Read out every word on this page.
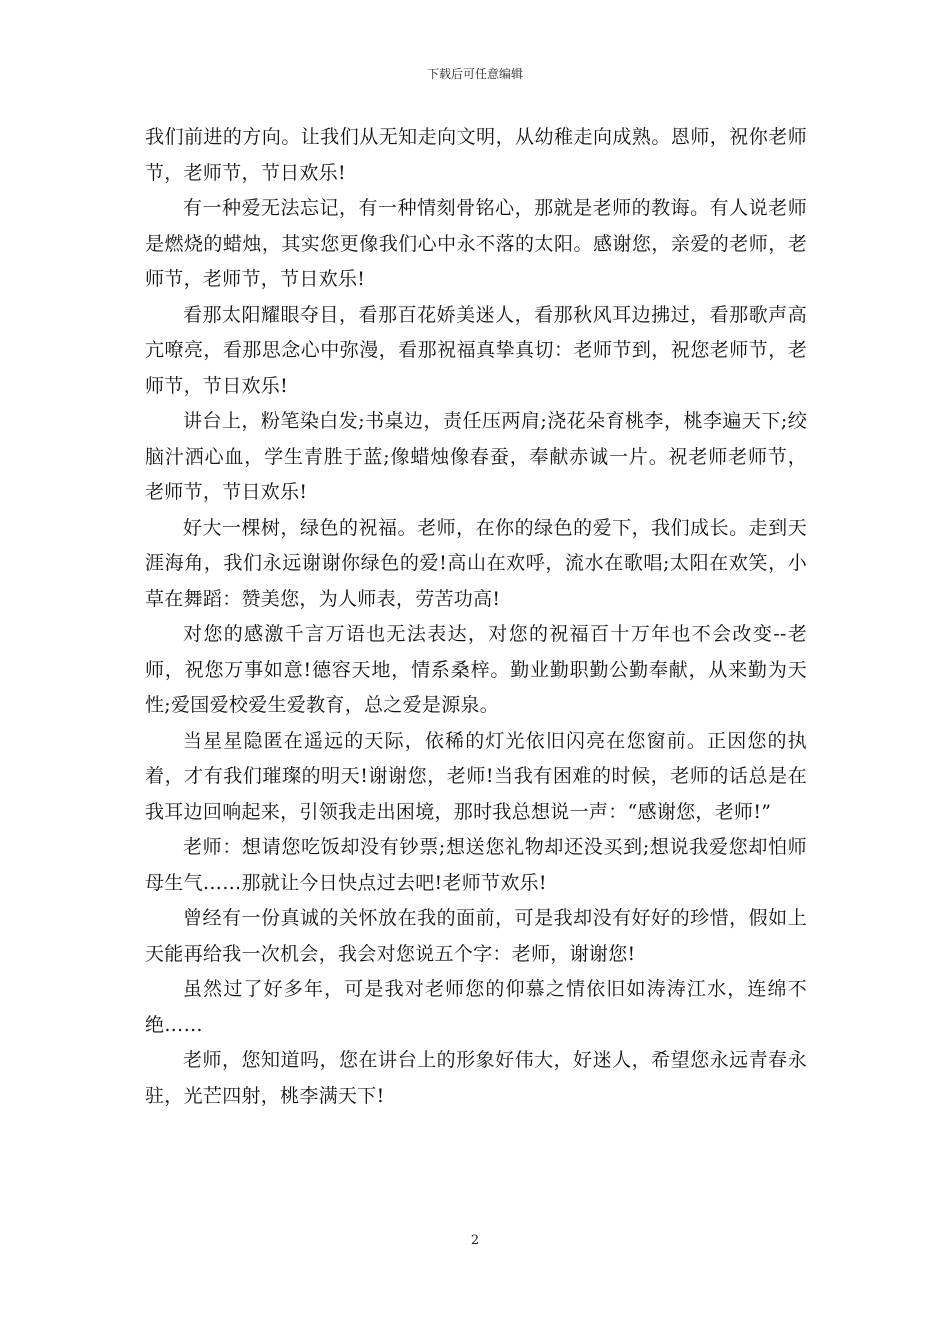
下载后可任意编辑

我们前进的方向。让我们从无知走向文明，从幼稚走向成熟。恩师，祝你老师节，老师节，节日欢乐!

有一种爱无法忘记，有一种情刻骨铭心，那就是老师的教诲。有人说老师是燃烧的蜡烛，其实您更像我们心中永不落的太阳。感谢您，亲爱的老师，老师节，老师节，节日欢乐!

看那太阳耀眼夺目，看那百花娇美迷人，看那秋风耳边拂过，看那歌声高亢嘹亮，看那思念心中弥漫，看那祝福真挚真切：老师节到，祝您老师节，老师节，节日欢乐!

讲台上，粉笔染白发;书桌边，责任压两肩;浇花朵育桃李，桃李遍天下;绞脑汁洒心血，学生青胜于蓝;像蜡烛像春蚕，奉献赤诚一片。祝老师老师节，老师节，节日欢乐!

好大一棵树，绿色的祝福。老师，在你的绿色的爱下，我们成长。走到天涯海角，我们永远谢谢你绿色的爱!高山在欢呼，流水在歌唱;太阳在欢笑，小草在舞蹈：赞美您，为人师表，劳苦功高!

对您的感激千言万语也无法表达，对您的祝福百十万年也不会改变--老师，祝您万事如意!德容天地，情系桑梓。勤业勤职勤公勤奉献，从来勤为天性;爱国爱校爱生爱教育，总之爱是源泉。

当星星隐匿在遥远的天际，依稀的灯光依旧闪亮在您窗前。正因您的执着，才有我们璀璨的明天!谢谢您，老师!当我有困难的时候，老师的话总是在我耳边回响起来，引领我走出困境，那时我总想说一声：“感谢您，老师!”

老师：想请您吃饭却没有钞票;想送您礼物却还没买到;想说我爱您却怕师母生气……那就让今日快点过去吧!老师节欢乐!

曾经有一份真诚的关怀放在我的面前，可是我却没有好好的珍惜，假如上天能再给我一次机会，我会对您说五个字：老师，谢谢您!

虽然过了好多年，可是我对老师您的仰慕之情依旧如涛涛江水，连绵不绝……

老师，您知道吗，您在讲台上的形象好伟大，好迷人，希望您永远青春永驻，光芒四射，桃李满天下!

2
